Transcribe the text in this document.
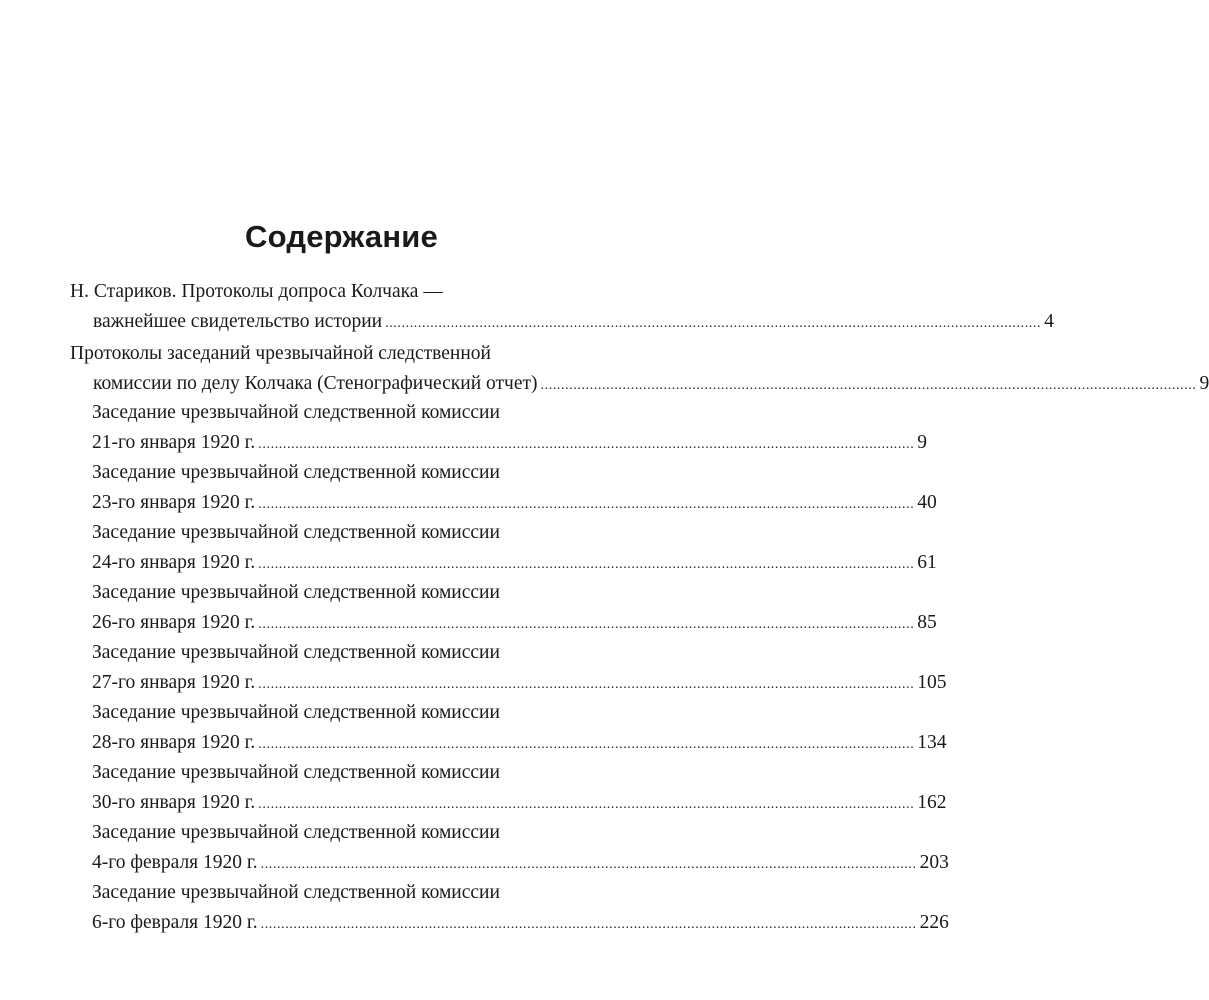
Содержание
Н. Стариков. Протоколы допроса Колчака —
важнейшее свидетельство истории ................................................................................................................................................................ 4
Протоколы заседаний чрезвычайной следственной
комиссии по делу Колчака (Стенографический отчет) ................................................................................................................................................................ 9
Заседание чрезвычайной следственной комиссии
21-го января 1920 г. ................................................................................................................................................................ 9
Заседание чрезвычайной следственной комиссии
23-го января 1920 г. ................................................................................................................................................................ 40
Заседание чрезвычайной следственной комиссии
24-го января 1920 г. ................................................................................................................................................................ 61
Заседание чрезвычайной следственной комиссии
26-го января 1920 г. ................................................................................................................................................................ 85
Заседание чрезвычайной следственной комиссии
27-го января 1920 г. ................................................................................................................................................................ 105
Заседание чрезвычайной следственной комиссии
28-го января 1920 г. ................................................................................................................................................................ 134
Заседание чрезвычайной следственной комиссии
30-го января 1920 г. ................................................................................................................................................................ 162
Заседание чрезвычайной следственной комиссии
4-го февраля 1920 г. ................................................................................................................................................................ 203
Заседание чрезвычайной следственной комиссии
6-го февраля 1920 г. ................................................................................................................................................................ 226
